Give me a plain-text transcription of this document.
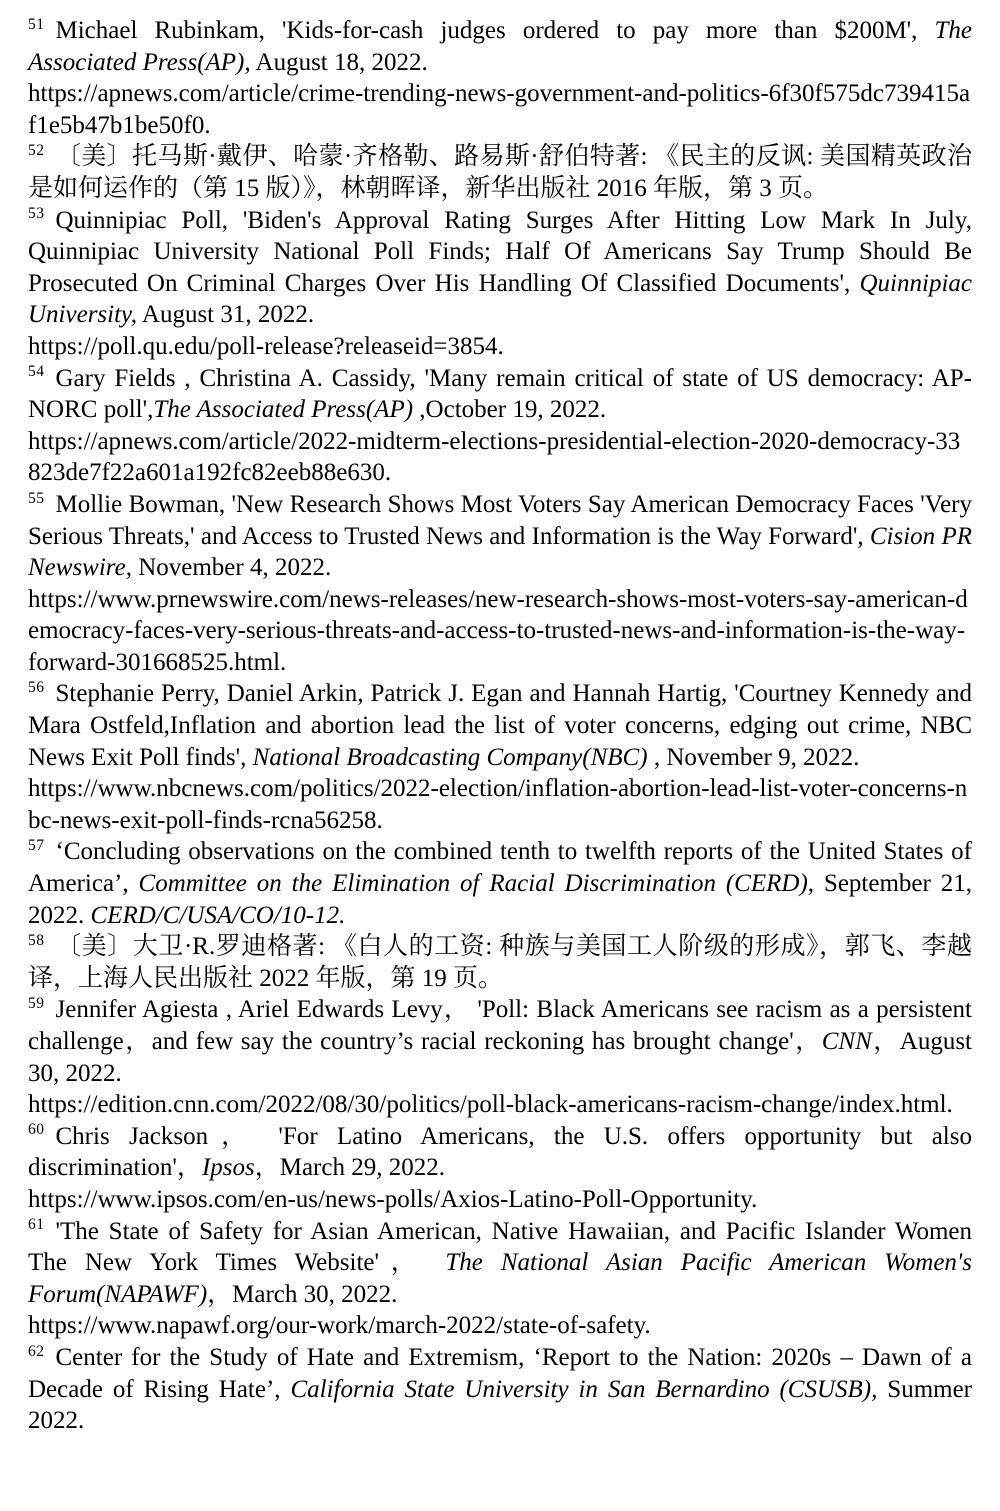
$^{51}$ Michael Rubinkam, 'Kids-for-cash judges ordered to pay more than $200M', The Associated Press(AP), August 18, 2022.
https://apnews.com/article/crime-trending-news-government-and-politics-6f30f575dc739415af1e5b47b1be50f0.

$^{52}$ 〔美〕托马斯·戴伊、哈蒙·齐格勒、路易斯·舒伯特著: 《民主的反讽: 美国精英政治是如何运作的（第 15 版）》，林朝晖译，新华出版社 2016 年版，第 3 页。

$^{53}$ Quinnipiac Poll, 'Biden's Approval Rating Surges After Hitting Low Mark In July, Quinnipiac University National Poll Finds; Half Of Americans Say Trump Should Be Prosecuted On Criminal Charges Over His Handling Of Classified Documents', Quinnipiac University, August 31, 2022.
https://poll.qu.edu/poll-release?releaseid=3854.

$^{54}$ Gary Fields , Christina A. Cassidy, 'Many remain critical of state of US democracy: AP-NORC poll',The Associated Press(AP) ,October 19, 2022.
https://apnews.com/article/2022-midterm-elections-presidential-election-2020-democracy-33823de7f22a601a192fc82eeb88e630.

$^{55}$ Mollie Bowman, 'New Research Shows Most Voters Say American Democracy Faces 'Very Serious Threats,' and Access to Trusted News and Information is the Way Forward', Cision PR Newswire, November 4, 2022.
https://www.prnewswire.com/news-releases/new-research-shows-most-voters-say-american-democracy-faces-very-serious-threats-and-access-to-trusted-news-and-information-is-the-way-forward-301668525.html.

$^{56}$ Stephanie Perry, Daniel Arkin, Patrick J. Egan and Hannah Hartig, 'Courtney Kennedy and Mara Ostfeld,Inflation and abortion lead the list of voter concerns, edging out crime, NBC News Exit Poll finds', National Broadcasting Company(NBC) , November 9, 2022.
https://www.nbcnews.com/politics/2022-election/inflation-abortion-lead-list-voter-concerns-nbc-news-exit-poll-finds-rcna56258.

$^{57}$ ‘Concluding observations on the combined tenth to twelfth reports of the United States of America’, Committee on the Elimination of Racial Discrimination (CERD), September 21, 2022. CERD/C/USA/CO/10-12.

$^{58}$ 〔美〕大卫·R.罗迪格著: 《白人的工资: 种族与美国工人阶级的形成》，郭飞、李越译，上海人民出版社 2022 年版，第 19 页。

$^{59}$ Jennifer Agiesta , Ariel Edwards Levy， 'Poll: Black Americans see racism as a persistent challenge，and few say the country’s racial reckoning has brought change'，CNN，August 30, 2022.
https://edition.cnn.com/2022/08/30/politics/poll-black-americans-racism-change/index.html.

$^{60}$ Chris Jackson， 'For Latino Americans, the U.S. offers opportunity but also discrimination'，Ipsos，March 29, 2022.
https://www.ipsos.com/en-us/news-polls/Axios-Latino-Poll-Opportunity.

$^{61}$ 'The State of Safety for Asian American, Native Hawaiian, and Pacific Islander Women The New York Times Website'， The National Asian Pacific American Women's Forum(NAPAWF)，March 30, 2022.
https://www.napawf.org/our-work/march-2022/state-of-safety.

$^{62}$ Center for the Study of Hate and Extremism, ‘Report to the Nation: 2020s – Dawn of a Decade of Rising Hate’, California State University in San Bernardino (CSUSB), Summer 2022.
